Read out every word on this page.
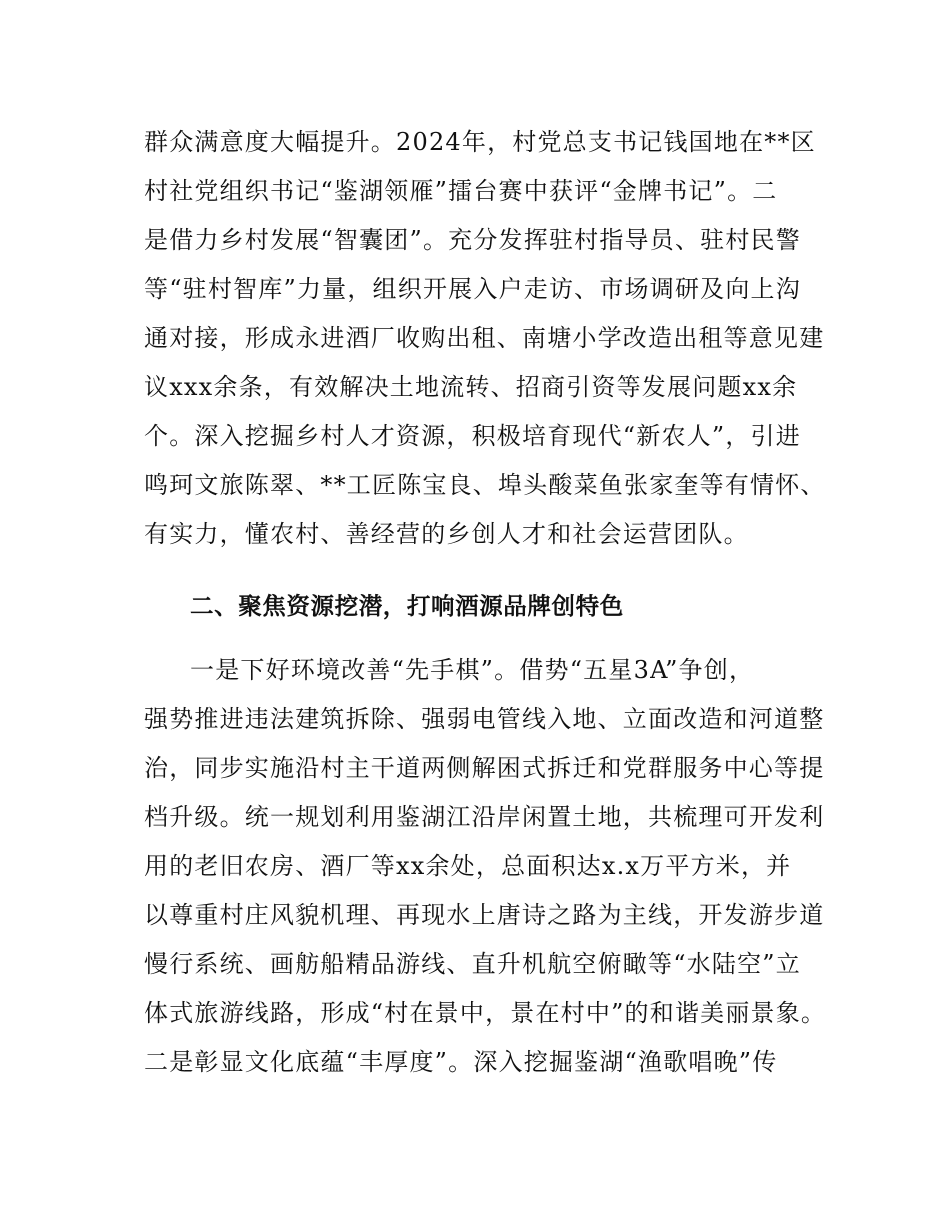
群众满意度大幅提升。2024年，村党总支书记钱国地在**区
村社党组织书记“鉴湖领雁”擂台赛中获评“金牌书记”。二
是借力乡村发展“智囊团”。充分发挥驻村指导员、驻村民警
等“驻村智库”力量，组织开展入户走访、市场调研及向上沟
通对接，形成永进酒厂收购出租、南塘小学改造出租等意见建
议xxx余条，有效解决土地流转、招商引资等发展问题xx余
个。深入挖掘乡村人才资源，积极培育现代“新农人”，引进
鸣珂文旅陈翠、**工匠陈宝良、埠头酸菜鱼张家奎等有情怀、
有实力，懂农村、善经营的乡创人才和社会运营团队。
二、聚焦资源挖潜，打响酒源品牌创特色
一是下好环境改善“先手棋”。借势“五星3A”争创，
强势推进违法建筑拆除、强弱电管线入地、立面改造和河道整
治，同步实施沿村主干道两侧解困式拆迁和党群服务中心等提
档升级。统一规划利用鉴湖江沿岸闲置土地，共梳理可开发利
用的老旧农房、酒厂等xx余处，总面积达x.x万平方米，并
以尊重村庄风貌机理、再现水上唐诗之路为主线，开发游步道
慢行系统、画舫船精品游线、直升机航空俯瞰等“水陆空”立
体式旅游线路，形成“村在景中，景在村中”的和谐美丽景象。
二是彰显文化底蕴“丰厚度”。深入挖掘鉴湖“渔歌唱晚”传
